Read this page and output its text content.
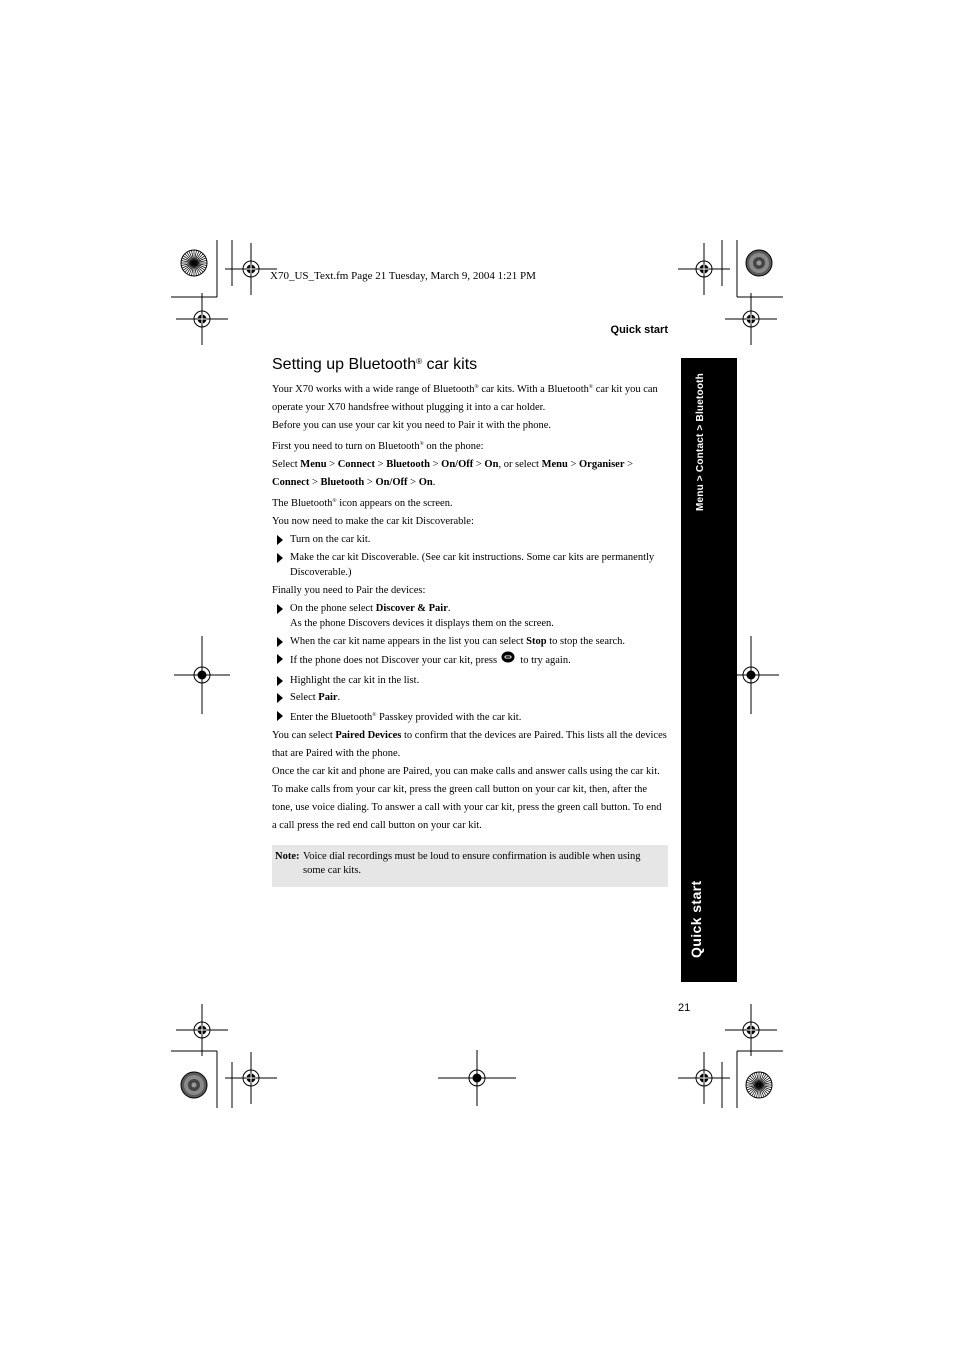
X70_US_Text.fm Page 21 Tuesday, March 9, 2004 1:21 PM
Quick start
Menu > Contact > Bluetooth
Quick start
Setting up Bluetooth® car kits

Your X70 works with a wide range of Bluetooth® car kits. With a Bluetooth® car kit you can operate your X70 handsfree without plugging it into a car holder.

Before you can use your car kit you need to Pair it with the phone.

First you need to turn on Bluetooth® on the phone:

Select Menu > Connect > Bluetooth > On/Off > On, or select Menu > Organiser > Connect > Bluetooth > On/Off > On.

The Bluetooth® icon appears on the screen.

You now need to make the car kit Discoverable:

Turn on the car kit.
Make the car kit Discoverable. (See car kit instructions. Some car kits are permanently Discoverable.)

Finally you need to Pair the devices:

On the phone select Discover & Pair.
As the phone Discovers devices it displays them on the screen.
When the car kit name appears in the list you can select Stop to stop the search.
If the phone does not Discover your car kit, press  to try again.
Highlight the car kit in the list.
Select Pair.
Enter the Bluetooth® Passkey provided with the car kit.

You can select Paired Devices to confirm that the devices are Paired. This lists all the devices that are Paired with the phone.

Once the car kit and phone are Paired, you can make calls and answer calls using the car kit. To make calls from your car kit, press the green call button on your car kit, then, after the tone, use voice dialing. To answer a call with your car kit, press the green call button. To end a call press the red end call button on your car kit.

Note: Voice dial recordings must be loud to ensure confirmation is audible when using some car kits.
21
